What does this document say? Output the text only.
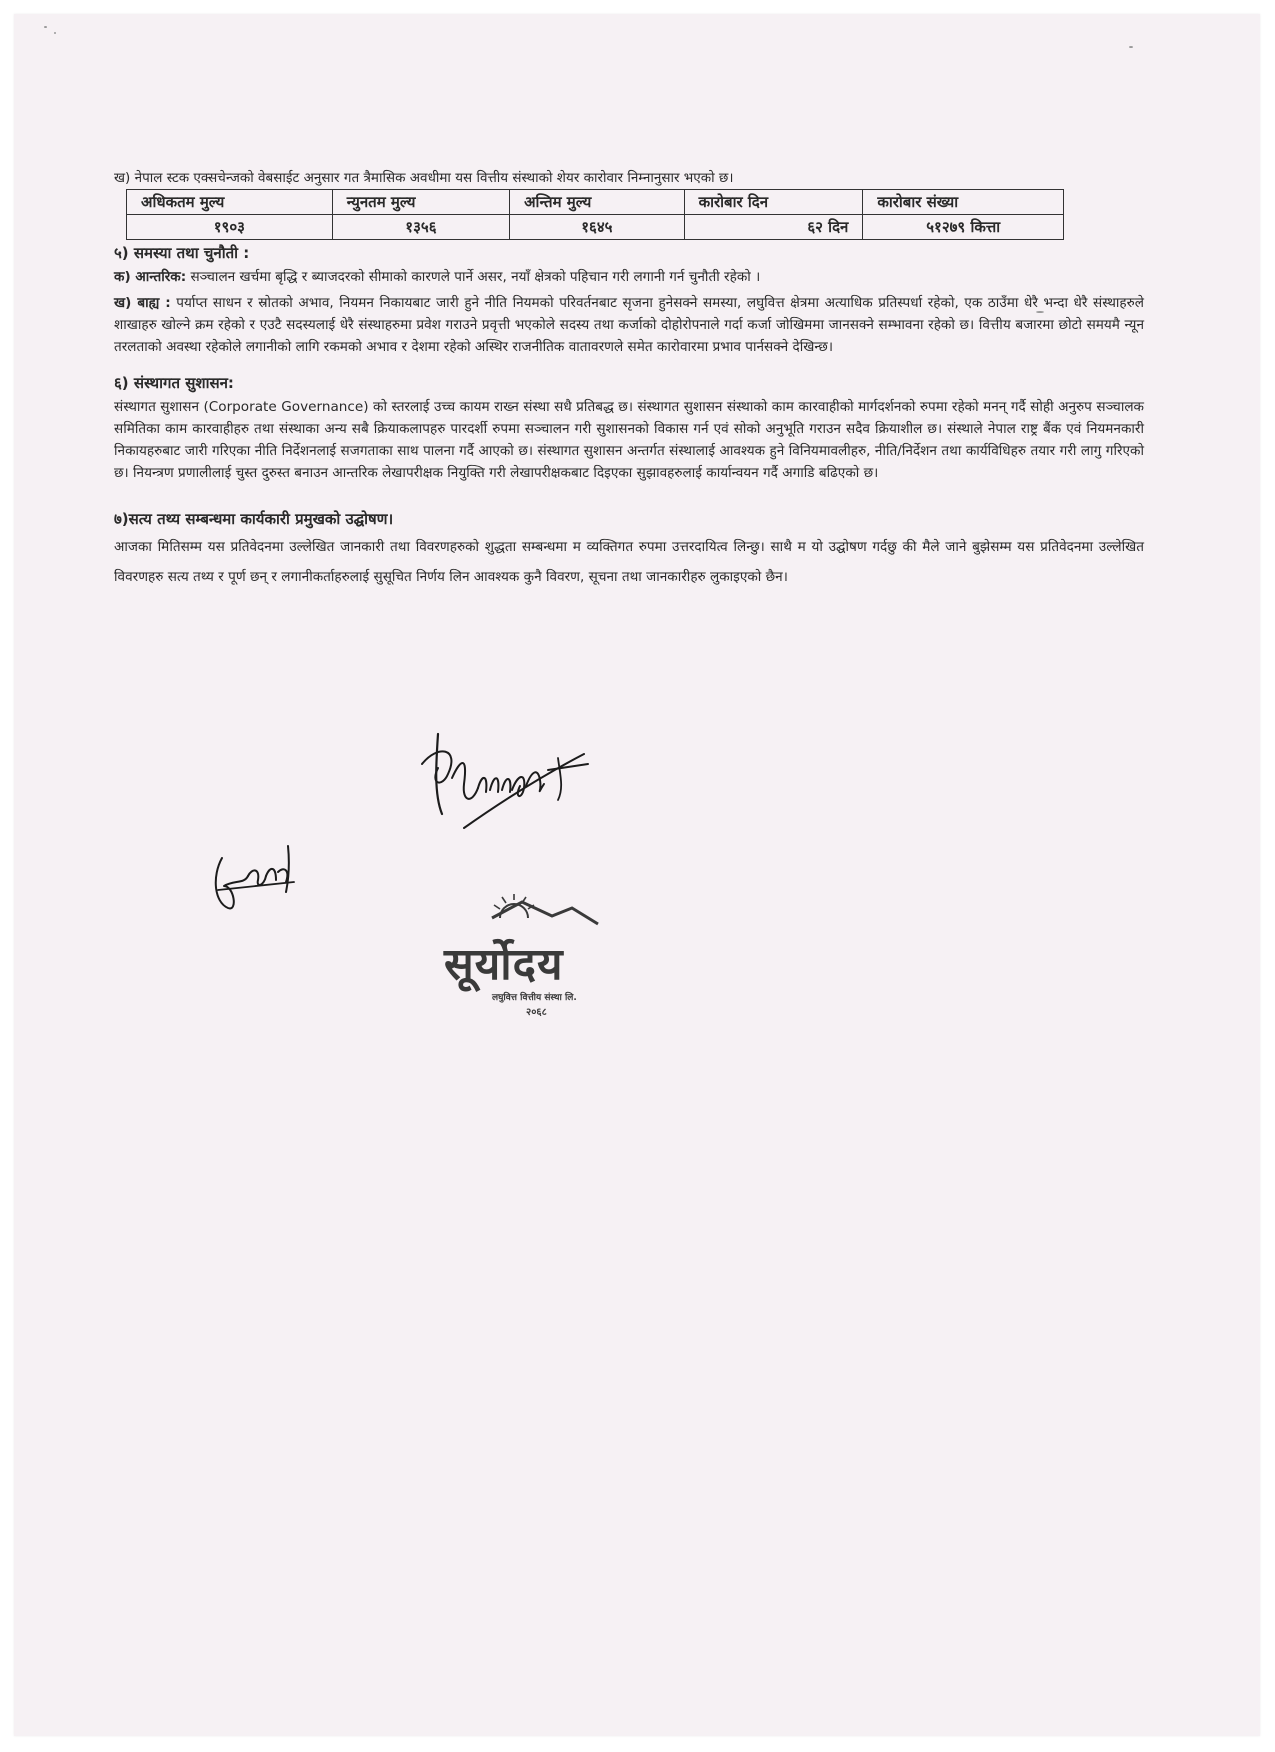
ख) नेपाल स्टक एक्सचेन्जको वेबसाईट अनुसार गत त्रैमासिक अवधीमा यस वित्तीय संस्थाको शेयर कारोवार निम्नानुसार भएको छ।

अधिकतम मुल्य	न्युनतम मुल्य	अन्तिम मुल्य	कारोबार दिन	कारोबार संख्या
१९०३	१३५६	१६४५	६२ दिन	५१२७९ कित्ता
५) समस्या तथा चुनौती :

क) आन्तरिक: सञ्चालन खर्चमा बृद्धि र ब्याजदरको सीमाको कारणले पार्ने असर, नयाँ क्षेत्रको पहिचान गरी लगानी गर्न चुनौती रहेको ।

ख) बाह्य : पर्याप्त साधन र स्रोतको अभाव, नियमन निकायबाट जारी हुने नीति नियमको परिवर्तनबाट सृजना हुनेसक्ने समस्या, लघुवित्त क्षेत्रमा अत्याधिक प्रतिस्पर्धा रहेको, एक ठाउँमा धेरै भन्दा धेरै संस्थाहरुले शाखाहरु खोल्ने क्रम रहेको र एउटै सदस्यलाई धेरै संस्थाहरुमा प्रवेश गराउने प्रवृत्ती भएकोले सदस्य तथा कर्जाको दोहोरोपनाले गर्दा कर्जा जोखिममा जानसक्ने सम्भावना रहेको छ। वित्तीय बजारमा छोटो समयमै न्यून तरलताको अवस्था रहेकोले लगानीको लागि रकमको अभाव र देशमा रहेको अस्थिर राजनीतिक वातावरणले समेत कारोवारमा प्रभाव पार्नसक्ने देखिन्छ।

६) संस्थागत सुशासन:

संस्थागत सुशासन (Corporate Governance) को स्तरलाई उच्च कायम राख्न संस्था सधै प्रतिबद्ध छ। संस्थागत सुशासन संस्थाको काम कारवाहीको मार्गदर्शनको रुपमा रहेको मनन् गर्दै सोही अनुरुप सञ्चालक समितिका काम कारवाहीहरु तथा संस्थाका अन्य सबै क्रियाकलापहरु पारदर्शी रुपमा सञ्चालन गरी सुशासनको विकास गर्न एवं सोको अनुभूति गराउन सदैव क्रियाशील छ। संस्थाले नेपाल राष्ट्र बैंक एवं नियमनकारी निकायहरुबाट जारी गरिएका नीति निर्देशनलाई सजगताका साथ पालना गर्दै आएको छ। संस्थागत सुशासन अन्तर्गत संस्थालाई आवश्यक हुने विनियमावलीहरु, नीति/निर्देशन तथा कार्यविधिहरु तयार गरी लागु गरिएको छ। नियन्त्रण प्रणालीलाई चुस्त दुरुस्त बनाउन आन्तरिक लेखापरीक्षक नियुक्ति गरी लेखापरीक्षकबाट दिइएका सुझावहरुलाई कार्यान्वयन गर्दै अगाडि बढिएको छ।

७)सत्य तथ्य सम्बन्धमा कार्यकारी प्रमुखको उद्घोषण।

आजका मितिसम्म यस प्रतिवेदनमा उल्लेखित जानकारी तथा विवरणहरुको शुद्धता सम्बन्धमा म व्यक्तिगत रुपमा उत्तरदायित्व लिन्छु। साथै म यो उद्घोषण गर्दछु की मैले जाने बुझेसम्म यस प्रतिवेदनमा उल्लेखित विवरणहरु सत्य तथ्य र पूर्ण छन् र लगानीकर्ताहरुलाई सुसूचित निर्णय लिन आवश्यक कुनै विवरण, सूचना तथा जानकारीहरु लुकाइएको छैन।

सूर्योदय
लघुवित्त वित्तीय संस्था लि.
२०६८
